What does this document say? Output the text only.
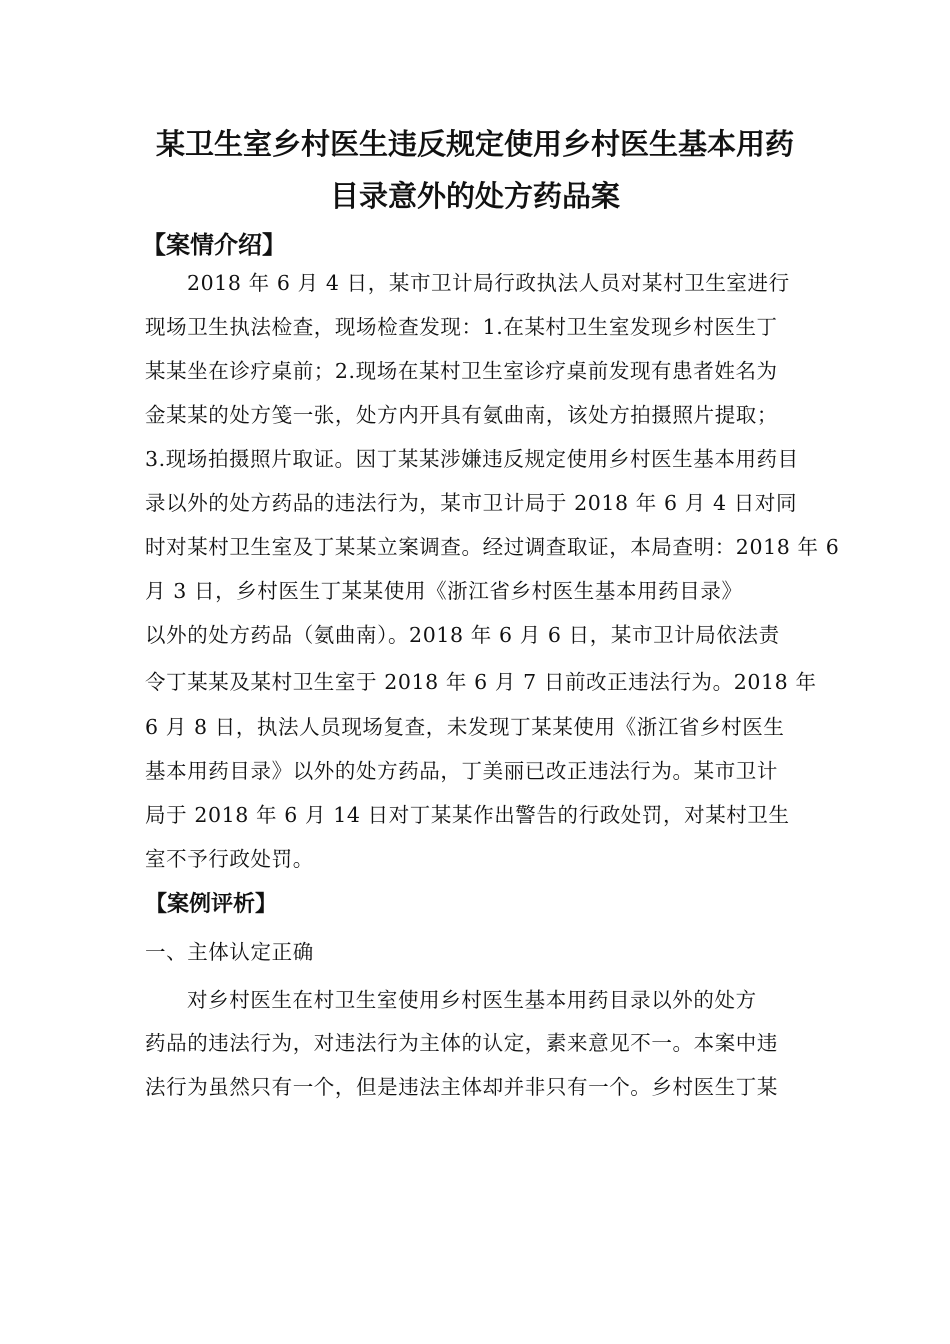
某卫生室乡村医生违反规定使用乡村医生基本用药
目录意外的处方药品案
【案情介绍】

2018 年 6 月 4 日，某市卫计局行政执法人员对某村卫生室进行

现场卫生执法检查，现场检查发现：1.在某村卫生室发现乡村医生丁

某某坐在诊疗桌前；2.现场在某村卫生室诊疗桌前发现有患者姓名为

金某某的处方笺一张，处方内开具有氨曲南，该处方拍摄照片提取；

3.现场拍摄照片取证。因丁某某涉嫌违反规定使用乡村医生基本用药目

录以外的处方药品的违法行为，某市卫计局于 2018 年 6 月 4 日对同

时对某村卫生室及丁某某立案调查。经过调查取证，本局查明：2018 年 6

月 3 日，乡村医生丁某某使用《浙江省乡村医生基本用药目录》

以外的处方药品（氨曲南）。2018 年 6 月 6 日，某市卫计局依法责

令丁某某及某村卫生室于 2018 年 6 月 7 日前改正违法行为。2018 年

6 月 8 日，执法人员现场复查，未发现丁某某使用《浙江省乡村医生

基本用药目录》以外的处方药品，丁美丽已改正违法行为。某市卫计

局于 2018 年 6 月 14 日对丁某某作出警告的行政处罚，对某村卫生

室不予行政处罚。

【案例评析】
一、主体认定正确

对乡村医生在村卫生室使用乡村医生基本用药目录以外的处方

药品的违法行为，对违法行为主体的认定，素来意见不一。本案中违

法行为虽然只有一个，但是违法主体却并非只有一个。乡村医生丁某
